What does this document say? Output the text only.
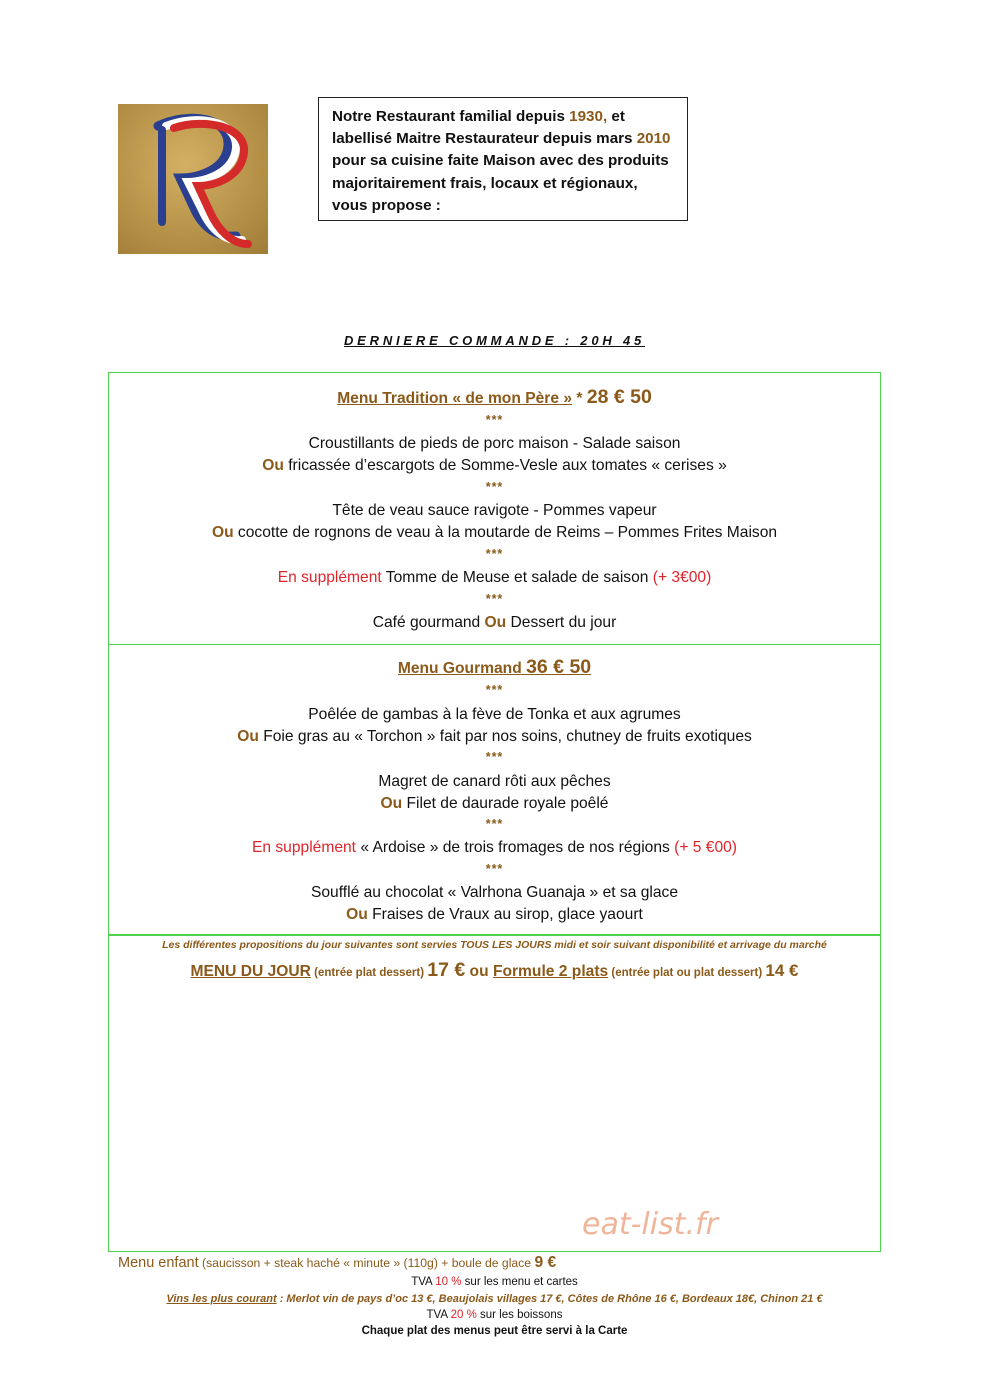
Notre Restaurant familial depuis 1930, et labellisé Maitre Restaurateur depuis mars 2010 pour sa cuisine faite Maison avec des produits majoritairement frais, locaux et régionaux, vous propose :
DERNIERE COMMANDE : 20H 45
Menu Tradition « de mon Père » * 28 € 50
***
Croustillants de pieds de porc maison - Salade saison
Ou fricassée d’escargots de Somme-Vesle aux tomates « cerises »
***
Tête de veau sauce ravigote - Pommes vapeur
Ou cocotte de rognons de veau à la moutarde de Reims – Pommes Frites Maison
***
En supplément Tomme de Meuse et salade de saison (+ 3€00)
***
Café gourmand Ou Dessert du jour
Menu Gourmand 36 € 50
***
Poêlée de gambas à la fève de Tonka et aux agrumes
Ou Foie gras au « Torchon » fait par nos soins, chutney de fruits exotiques
***
Magret de canard rôti aux pêches
Ou Filet de daurade royale poêlé
***
En supplément « Ardoise » de trois fromages de nos régions (+ 5 €00)
***
Soufflé au chocolat « Valrhona Guanaja » et sa glace
Ou Fraises de Vraux au sirop, glace yaourt
Les différentes propositions du jour suivantes sont servies TOUS LES JOURS midi et soir suivant disponibilité et arrivage du marché
MENU DU JOUR (entrée plat dessert) 17 € ou Formule 2 plats (entrée plat ou plat dessert) 14 €
eat-list.fr
Menu enfant (saucisson + steak haché « minute » (110g) + boule de glace 9 €
TVA 10 % sur les menu et cartes
Vins les plus courant : Merlot vin de pays d’oc 13 €, Beaujolais villages 17 €, Côtes de Rhône 16 €, Bordeaux 18€, Chinon 21 €
TVA 20 % sur les boissons
Chaque plat des menus peut être servi à la Carte
